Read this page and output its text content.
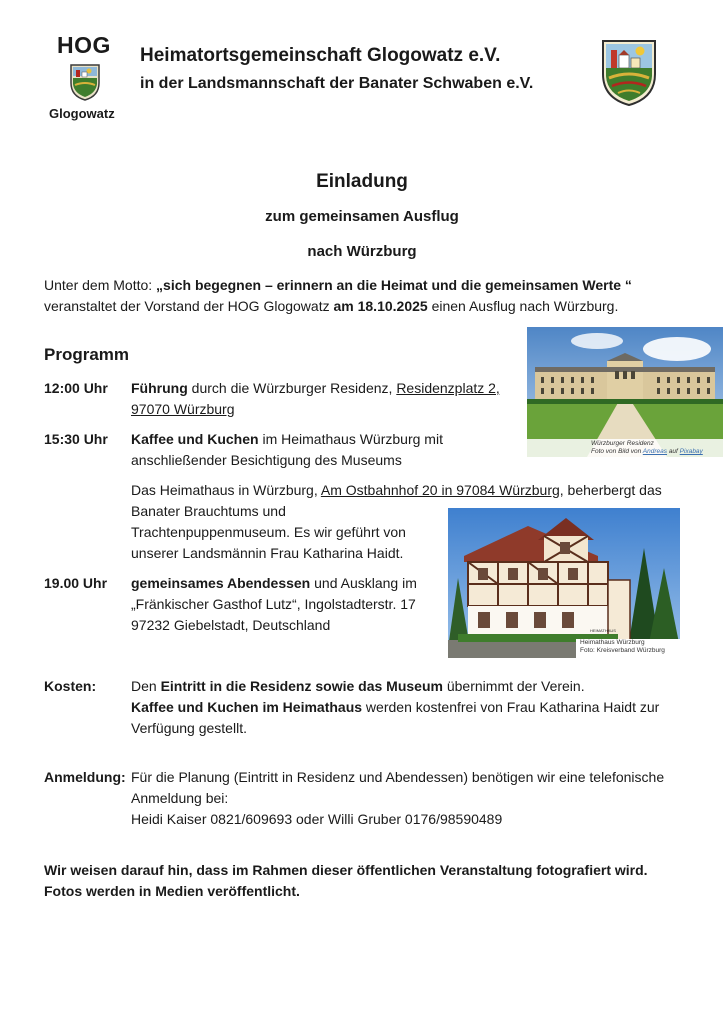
HOG
Glogowatz
Heimatortsgemeinschaft Glogowatz e.V.
in der Landsmannschaft der Banater Schwaben e.V.
Einladung
zum gemeinsamen Ausflug
nach Würzburg
Unter dem Motto: „sich begegnen – erinnern an die Heimat und die gemeinsamen Werte “
veranstaltet der Vorstand der HOG Glogowatz am 18.10.2025 einen Ausflug nach Würzburg.
Programm
12:00 Uhr Führung durch die Würzburger Residenz, Residenzplatz 2,
97070 Würzburg
15:30 Uhr Kaffee und Kuchen im Heimathaus Würzburg mit
anschließender Besichtigung des Museums
Das Heimathaus in Würzburg, Am Ostbahnhof 20 in 97084 Würzburg, beherbergt das
Banater Brauchtums und
Trachtenpuppenmuseum. Es wir geführt von
unserer Landsmännin Frau Katharina Haidt.
19.00 Uhr gemeinsames Abendessen und Ausklang im
„Fränkischer Gasthof Lutz“, Ingolstadterstr. 17
97232 Giebelstadt, Deutschland
Würzburger Residenz
Foto von Bild von Andreas auf Pixabay
HEIMATHAUS
Heimathaus Würzburg
Foto: Kreisverband Würzburg
Kosten: Den Eintritt in die Residenz sowie das Museum übernimmt der Verein.
Kaffee und Kuchen im Heimathaus werden kostenfrei von Frau Katharina Haidt zur
Verfügung gestellt.
Anmeldung: Für die Planung (Eintritt in Residenz und Abendessen) benötigen wir eine telefonische
Anmeldung bei:
Heidi Kaiser 0821/609693 oder Willi Gruber 0176/98590489
Wir weisen darauf hin, dass im Rahmen dieser öffentlichen Veranstaltung fotografiert wird.
Fotos werden in Medien veröffentlicht.
